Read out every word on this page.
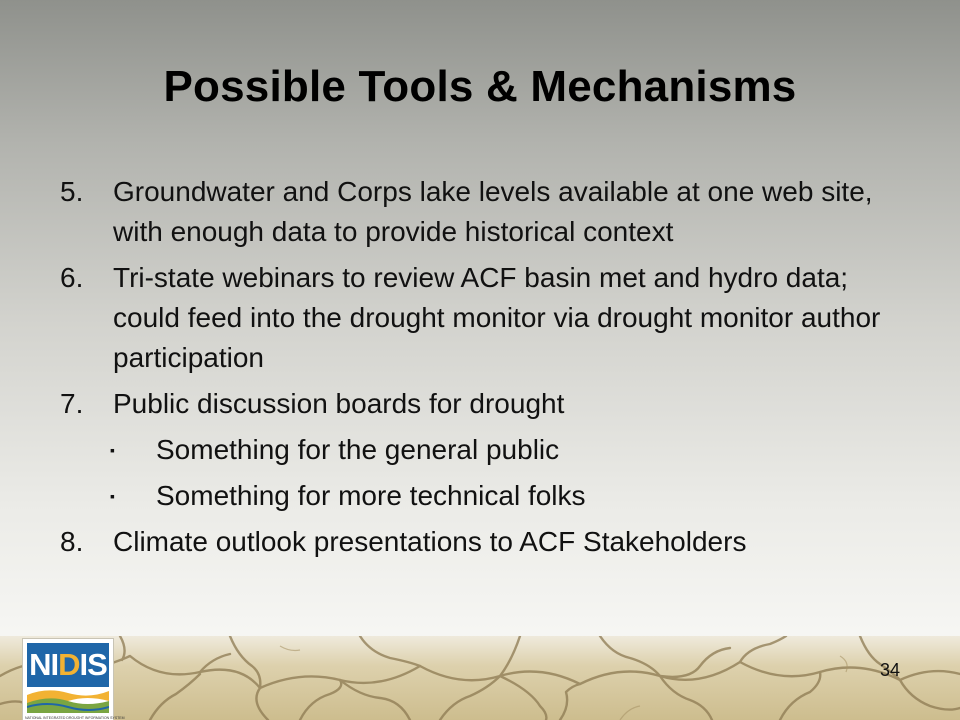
Possible Tools & Mechanisms
5.	Groundwater and Corps lake levels available at one web site, with enough data to provide historical context
6.	Tri-state webinars to review ACF basin met and hydro data; could feed into the drought monitor via drought monitor author participation
7.	Public discussion boards for drought
▪	Something for the general public
▪	Something for more technical folks
8.	Climate outlook presentations to ACF Stakeholders
NIDIS
NATIONAL INTEGRATED DROUGHT INFORMATION SYSTEM
34
